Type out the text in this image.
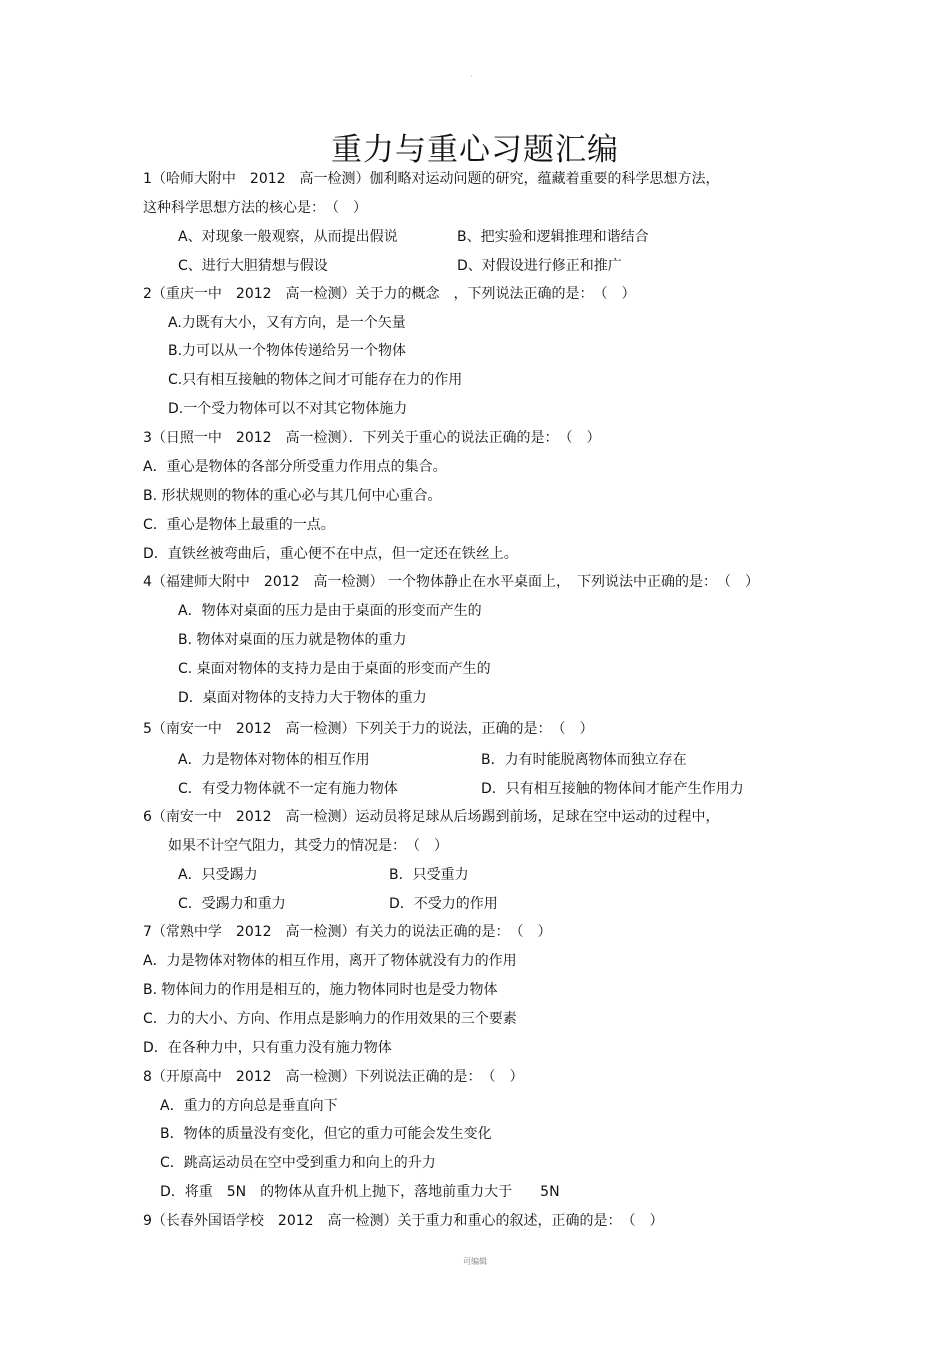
·
重力与重心习题汇编
1（哈师大附中　2012　高一检测）伽利略对运动问题的研究，蕴藏着重要的科学思想方法，
这种科学思想方法的核心是：　（　）
A、对现象一般观察，从而提出假说	B、把实验和逻辑推理和谐结合
C、进行大胆猜想与假设	D、对假设进行修正和推广
2（重庆一中　2012　高一检测）关于力的概念　，下列说法正确的是：　（　）
A.力既有大小，又有方向，是一个矢量
B.力可以从一个物体传递给另一个物体
C.只有相互接触的物体之间才可能存在力的作用
D.一个受力物体可以不对其它物体施力
3（日照一中　2012　高一检测）．下列关于重心的说法正确的是：　（　）
A．重心是物体的各部分所受重力作用点的集合。
B. 形状规则的物体的重心必与其几何中心重合。
C．重心是物体上最重的一点。
D．直铁丝被弯曲后，重心便不在中点，但一定还在铁丝上。
4（福建师大附中　2012　高一检测） 一个物体静止在水平桌面上，　下列说法中正确的是：　（　）
A．物体对桌面的压力是由于桌面的形变而产生的
B. 物体对桌面的压力就是物体的重力
C. 桌面对物体的支持力是由于桌面的形变而产生的
D．桌面对物体的支持力大于物体的重力
5（南安一中　2012　高一检测）下列关于力的说法，正确的是：　（　）
A．力是物体对物体的相互作用	B．力有时能脱离物体而独立存在
C．有受力物体就不一定有施力物体	D．只有相互接触的物体间才能产生作用力
6（南安一中　2012　高一检测）运动员将足球从后场踢到前场，足球在空中运动的过程中，
如果不计空气阻力，其受力的情况是：　（　）
A．只受踢力	B．只受重力
C．受踢力和重力	D．不受力的作用
7（常熟中学　2012　高一检测）有关力的说法正确的是：　（　）
A．力是物体对物体的相互作用，离开了物体就没有力的作用
B. 物体间力的作用是相互的，施力物体同时也是受力物体
C．力的大小、方向、作用点是影响力的作用效果的三个要素
D．在各种力中，只有重力没有施力物体
8（开原高中　2012　高一检测）下列说法正确的是：　（　）
A．重力的方向总是垂直向下
B．物体的质量没有变化，但它的重力可能会发生变化
C．跳高运动员在空中受到重力和向上的升力
D．将重　5N　的物体从直升机上抛下，落地前重力大于　　5N
9（长春外国语学校　2012　高一检测）关于重力和重心的叙述，正确的是：　（　）
可编辑
